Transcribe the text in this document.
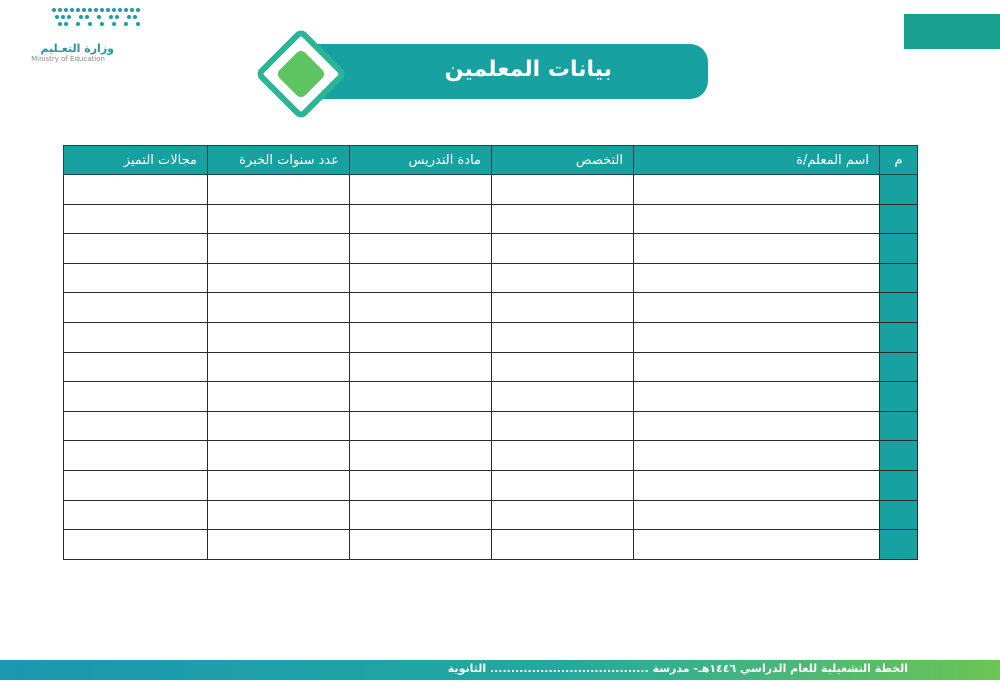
وزارة التعـليم
Ministry of Education	بيانات المعلمين
م	اسم المعلم/ة	التخصص	مادة التدريس	عدد سنوات الخبرة	مجالات التميز

الخطة التشغيلية للعام الدراسي ١٤٤٦هـ- مدرسة ...................................... الثانوية
